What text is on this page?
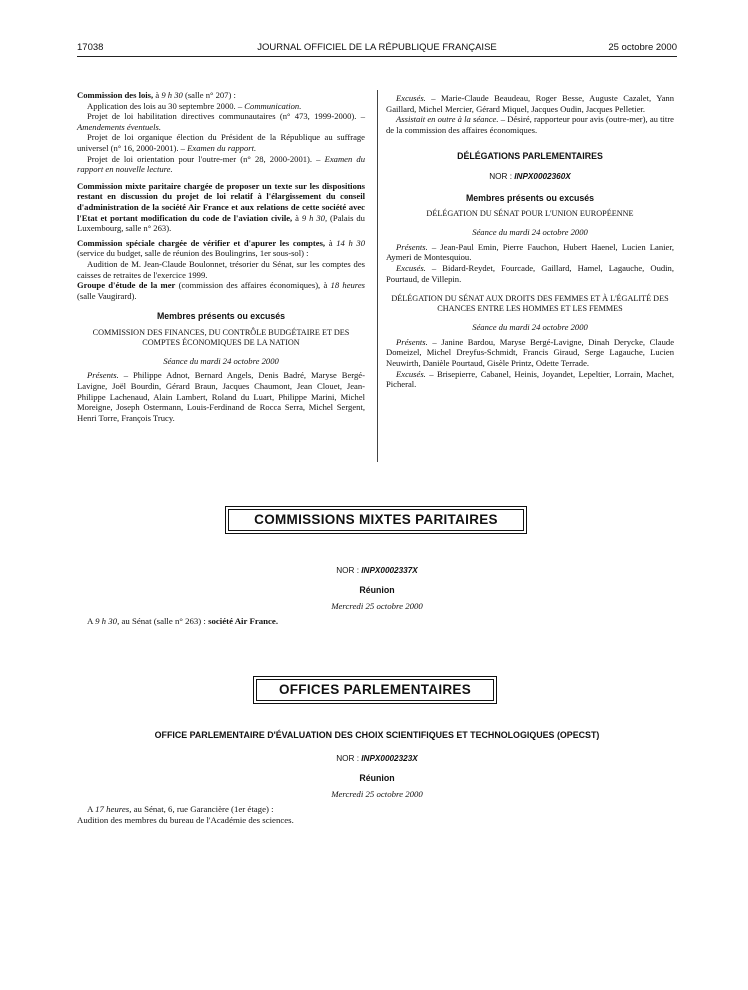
17038	JOURNAL OFFICIEL DE LA RÉPUBLIQUE FRANÇAISE	25 octobre 2000

Commission des lois, à 9 h 30 (salle n° 207) :

Application des lois au 30 septembre 2000. – Communication.

Projet de loi habilitation directives communautaires (n° 473, 1999-2000). – Amendements éventuels.

Projet de loi organique élection du Président de la République au suffrage universel (n° 16, 2000-2001). – Examen du rapport.

Projet de loi orientation pour l'outre-mer (n° 28, 2000-2001). – Examen du rapport en nouvelle lecture.

Commission mixte paritaire chargée de proposer un texte sur les dispositions restant en discussion du projet de loi relatif à l'élargissement du conseil d'administration de la société Air France et aux relations de cette société avec l'Etat et portant modification du code de l'aviation civile, à 9 h 30, (Palais du Luxembourg, salle n° 263).

Commission spéciale chargée de vérifier et d'apurer les comptes, à 14 h 30 (service du budget, salle de réunion des Boulingrins, 1er sous-sol) :

Audition de M. Jean-Claude Boulonnet, trésorier du Sénat, sur les comptes des caisses de retraites de l'exercice 1999.

Groupe d'étude de la mer (commission des affaires économiques), à 18 heures (salle Vaugirard).

Membres présents ou excusés

COMMISSION DES FINANCES, DU CONTRÔLE BUDGÉTAIRE ET DES COMPTES ÉCONOMIQUES DE LA NATION

Séance du mardi 24 octobre 2000

Présents. – Philippe Adnot, Bernard Angels, Denis Badré, Maryse Bergé-Lavigne, Joël Bourdin, Gérard Braun, Jacques Chaumont, Jean Clouet, Jean-Philippe Lachenaud, Alain Lambert, Roland du Luart, Philippe Marini, Michel Moreigne, Joseph Ostermann, Louis-Ferdinand de Rocca Serra, Michel Sergent, Henri Torre, François Trucy.

Excusés. – Marie-Claude Beaudeau, Roger Besse, Auguste Cazalet, Yann Gaillard, Michel Mercier, Gérard Miquel, Jacques Oudin, Jacques Pelletier.

Assistait en outre à la séance. – Désiré, rapporteur pour avis (outre-mer), au titre de la commission des affaires économiques.

DÉLÉGATIONS PARLEMENTAIRES

NOR : INPX0002360X

Membres présents ou excusés

DÉLÉGATION DU SÉNAT POUR L'UNION EUROPÉENNE

Séance du mardi 24 octobre 2000

Présents. – Jean-Paul Emin, Pierre Fauchon, Hubert Haenel, Lucien Lanier, Aymeri de Montesquiou.

Excusés. – Bidard-Reydet, Fourcade, Gaillard, Hamel, Lagauche, Oudin, Pourtaud, de Villepin.

DÉLÉGATION DU SÉNAT AUX DROITS DES FEMMES ET À L'ÉGALITÉ DES CHANCES ENTRE LES HOMMES ET LES FEMMES

Séance du mardi 24 octobre 2000

Présents. – Janine Bardou, Maryse Bergé-Lavigne, Dinah Derycke, Claude Domeizel, Michel Dreyfus-Schmidt, Francis Giraud, Serge Lagauche, Lucien Neuwirth, Danièle Pourtaud, Gisèle Printz, Odette Terrade.

Excusés. – Brisepierre, Cabanel, Heinis, Joyandet, Lepeltier, Lorrain, Machet, Picheral.

COMMISSIONS MIXTES PARITAIRES

NOR : INPX0002337X

Réunion

Mercredi 25 octobre 2000

A 9 h 30, au Sénat (salle n° 263) : société Air France.

OFFICES PARLEMENTAIRES

OFFICE PARLEMENTAIRE D'ÉVALUATION DES CHOIX SCIENTIFIQUES ET TECHNOLOGIQUES (OPECST)

NOR : INPX0002323X

Réunion

Mercredi 25 octobre 2000

A 17 heures, au Sénat, 6, rue Garancière (1er étage) :

Audition des membres du bureau de l'Académie des sciences.
